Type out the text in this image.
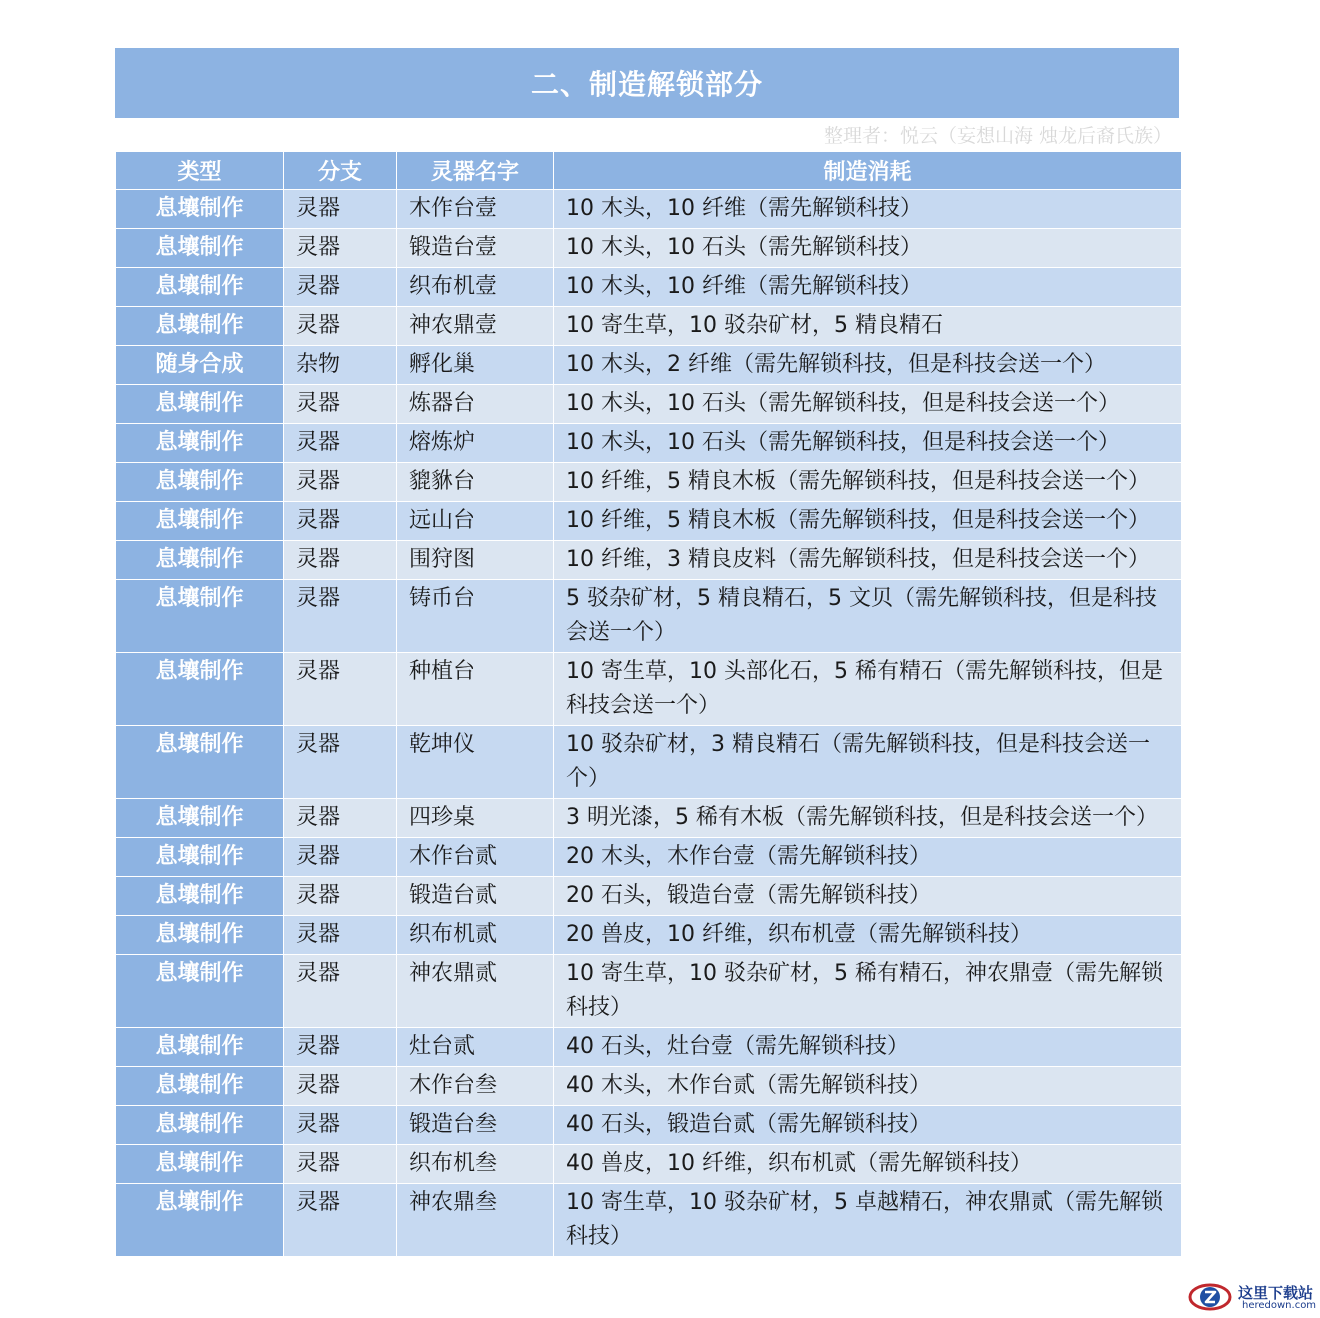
二、制造解锁部分
整理者：悦云（妄想山海 烛龙后裔氏族）
类型	分支	灵器名字	制造消耗
息壤制作	灵器	木作台壹	10 木头，10 纤维（需先解锁科技）
息壤制作	灵器	锻造台壹	10 木头，10 石头（需先解锁科技）
息壤制作	灵器	织布机壹	10 木头，10 纤维（需先解锁科技）
息壤制作	灵器	神农鼎壹	10 寄生草，10 驳杂矿材，5 精良精石
随身合成	杂物	孵化巢	10 木头，2 纤维（需先解锁科技，但是科技会送一个）
息壤制作	灵器	炼器台	10 木头，10 石头（需先解锁科技，但是科技会送一个）
息壤制作	灵器	熔炼炉	10 木头，10 石头（需先解锁科技，但是科技会送一个）
息壤制作	灵器	貔貅台	10 纤维，5 精良木板（需先解锁科技，但是科技会送一个）
息壤制作	灵器	远山台	10 纤维，5 精良木板（需先解锁科技，但是科技会送一个）
息壤制作	灵器	围狩图	10 纤维，3 精良皮料（需先解锁科技，但是科技会送一个）
息壤制作	灵器	铸币台	5 驳杂矿材，5 精良精石，5 文贝（需先解锁科技，但是科技会送一个）
息壤制作	灵器	种植台	10 寄生草，10 头部化石，5 稀有精石（需先解锁科技，但是科技会送一个）
息壤制作	灵器	乾坤仪	10 驳杂矿材，3 精良精石（需先解锁科技，但是科技会送一个）
息壤制作	灵器	四珍桌	3 明光漆，5 稀有木板（需先解锁科技，但是科技会送一个）
息壤制作	灵器	木作台贰	20 木头，木作台壹（需先解锁科技）
息壤制作	灵器	锻造台贰	20 石头，锻造台壹（需先解锁科技）
息壤制作	灵器	织布机贰	20 兽皮，10 纤维，织布机壹（需先解锁科技）
息壤制作	灵器	神农鼎贰	10 寄生草，10 驳杂矿材，5 稀有精石，神农鼎壹（需先解锁科技）
息壤制作	灵器	灶台贰	40 石头，灶台壹（需先解锁科技）
息壤制作	灵器	木作台叁	40 木头，木作台贰（需先解锁科技）
息壤制作	灵器	锻造台叁	40 石头，锻造台贰（需先解锁科技）
息壤制作	灵器	织布机叁	40 兽皮，10 纤维，织布机贰（需先解锁科技）
息壤制作	灵器	神农鼎叁	10 寄生草，10 驳杂矿材，5 卓越精石，神农鼎贰（需先解锁科技）
这里下载站
heredown.com
